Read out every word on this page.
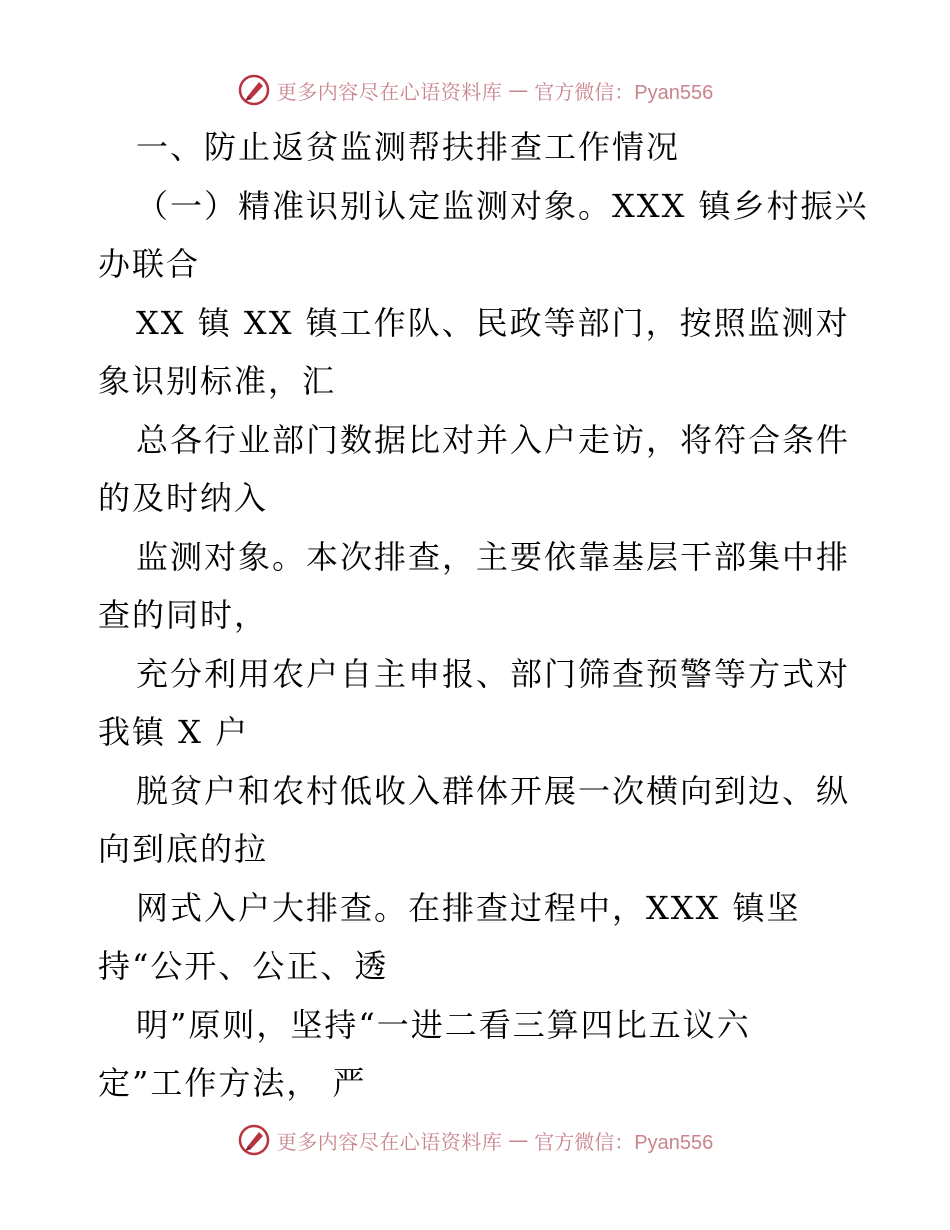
更多内容尽在心语资料库 — 官方微信：Pyan556
一、防止返贫监测帮扶排查工作情况
（一）精准识别认定监测对象。XXX 镇乡村振兴
办联合
XX 镇 XX 镇工作队、民政等部门，按照监测对
象识别标准，汇
总各行业部门数据比对并入户走访，将符合条件
的及时纳入
监测对象。本次排查，主要依靠基层干部集中排
查的同时，
充分利用农户自主申报、部门筛查预警等方式对
我镇 X 户
脱贫户和农村低收入群体开展一次横向到边、纵
向到底的拉
网式入户大排查。在排查过程中，XXX 镇坚
持“公开、公正、透
明”原则，坚持“一进二看三算四比五议六
定”工作方法， 严
更多内容尽在心语资料库 — 官方微信：Pyan556
